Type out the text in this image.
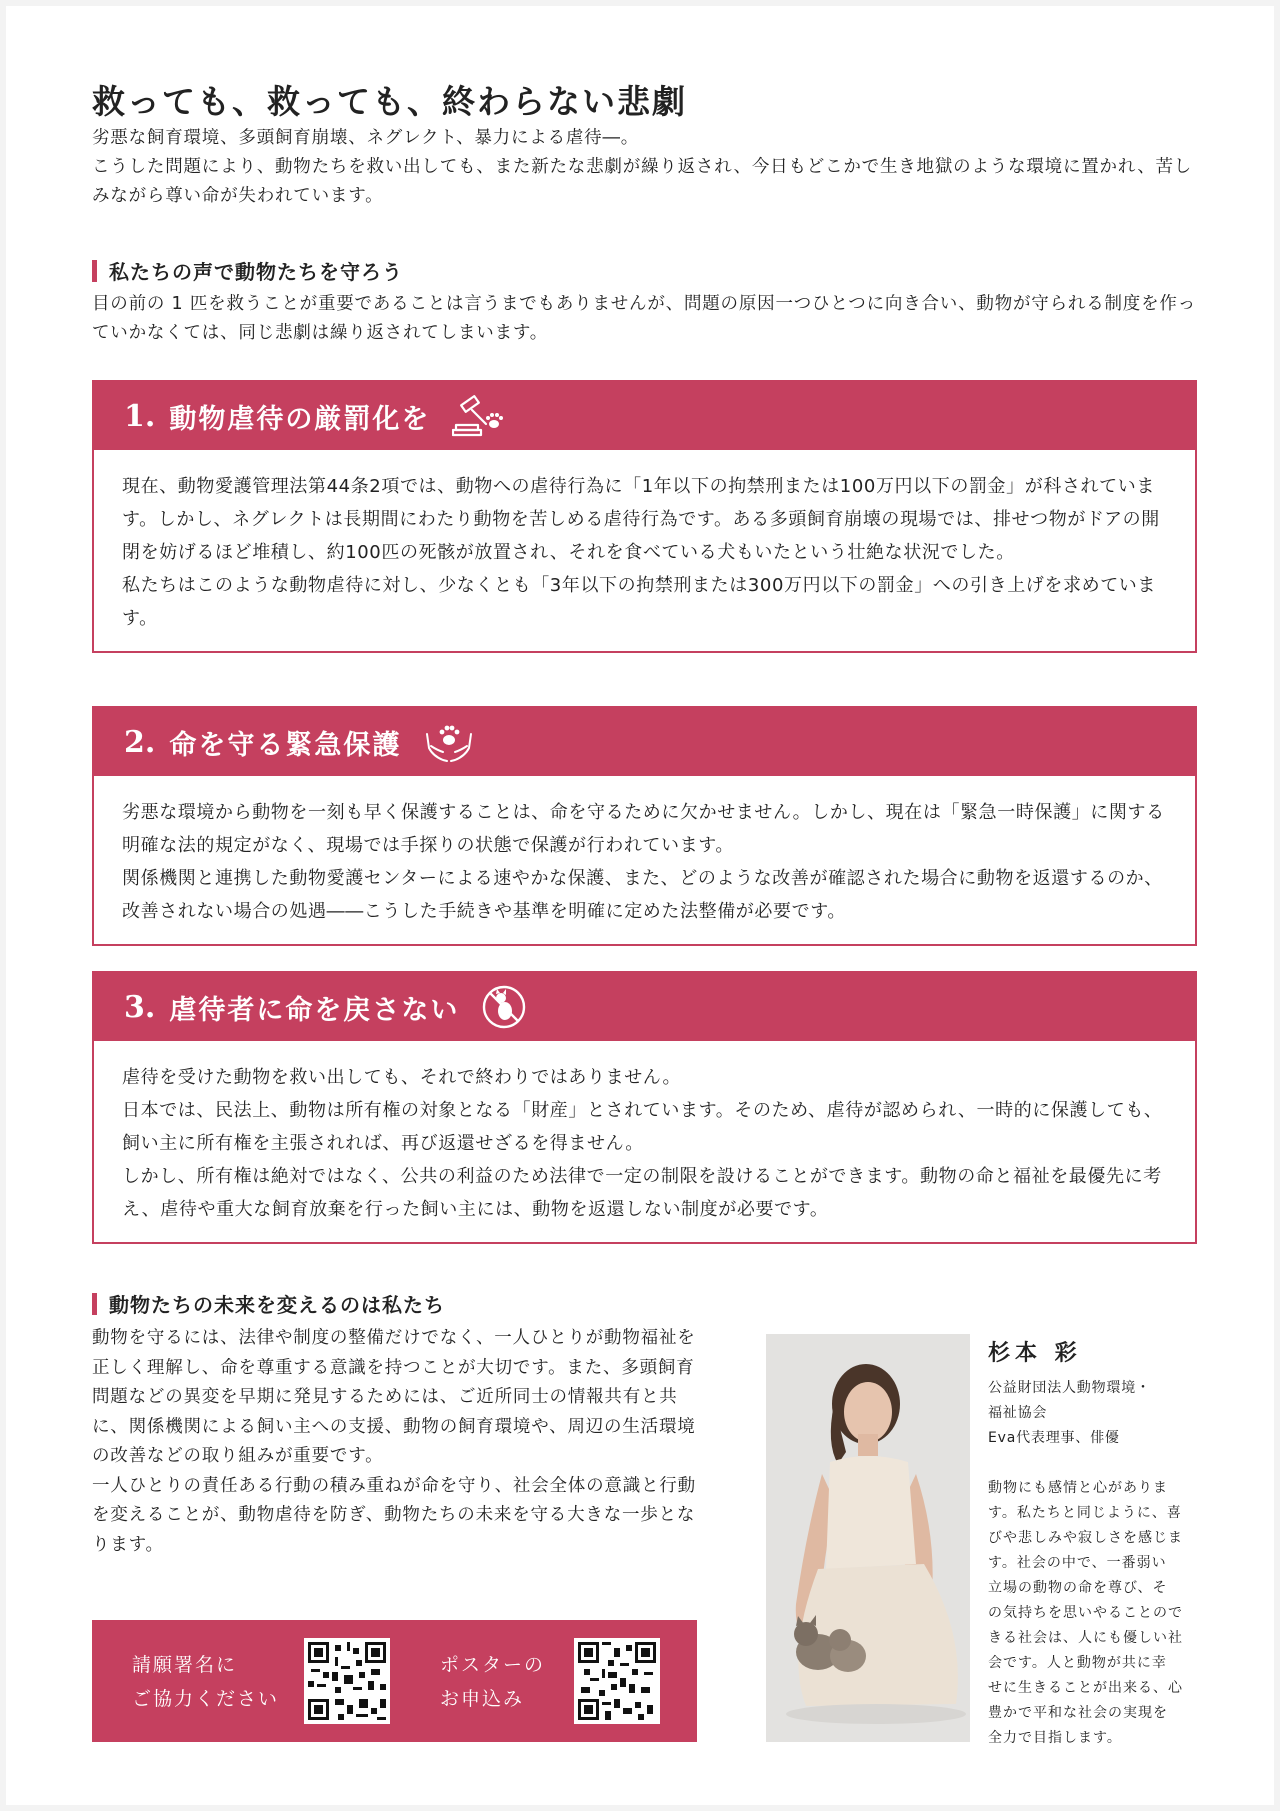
救っても、救っても、終わらない悲劇

劣悪な飼育環境、多頭飼育崩壊、ネグレクト、暴力による虐待―。

こうした問題により、動物たちを救い出しても、また新たな悲劇が繰り返され、今日もどこかで生き地獄のような環境に置かれ、苦しみながら尊い命が失われています。

私たちの声で動物たちを守ろう

目の前の 1 匹を救うことが重要であることは言うまでもありませんが、問題の原因一つひとつに向き合い、動物が守られる制度を作っていかなくては、同じ悲劇は繰り返されてしまいます。

1. 動物虐待の厳罰化を

現在、動物愛護管理法第44条2項では、動物への虐待行為に「1年以下の拘禁刑または100万円以下の罰金」が科されています。しかし、ネグレクトは長期間にわたり動物を苦しめる虐待行為です。ある多頭飼育崩壊の現場では、排せつ物がドアの開閉を妨げるほど堆積し、約100匹の死骸が放置され、それを食べている犬もいたという壮絶な状況でした。

私たちはこのような動物虐待に対し、少なくとも「3年以下の拘禁刑または300万円以下の罰金」への引き上げを求めています。

2. 命を守る緊急保護

劣悪な環境から動物を一刻も早く保護することは、命を守るために欠かせません。しかし、現在は「緊急一時保護」に関する明確な法的規定がなく、現場では手探りの状態で保護が行われています。

関係機関と連携した動物愛護センターによる速やかな保護、また、どのような改善が確認された場合に動物を返還するのか、改善されない場合の処遇――こうした手続きや基準を明確に定めた法整備が必要です。

3. 虐待者に命を戻さない

虐待を受けた動物を救い出しても、それで終わりではありません。

日本では、民法上、動物は所有権の対象となる「財産」とされています。そのため、虐待が認められ、一時的に保護しても、飼い主に所有権を主張されれば、再び返還せざるを得ません。

しかし、所有権は絶対ではなく、公共の利益のため法律で一定の制限を設けることができます。動物の命と福祉を最優先に考え、虐待や重大な飼育放棄を行った飼い主には、動物を返還しない制度が必要です。

動物たちの未来を変えるのは私たち

動物を守るには、法律や制度の整備だけでなく、一人ひとりが動物福祉を正しく理解し、命を尊重する意識を持つことが大切です。また、多頭飼育問題などの異変を早期に発見するためには、ご近所同士の情報共有と共に、関係機関による飼い主への支援、動物の飼育環境や、周辺の生活環境の改善などの取り組みが重要です。

一人ひとりの責任ある行動の積み重ねが命を守り、社会全体の意識と行動を変えることが、動物虐待を防ぎ、動物たちの未来を守る大きな一歩となります。

請願署名に
ご協力ください
ポスターの
お申込み
杉本 彩
公益財団法人動物環境・
福祉協会
Eva代表理事、俳優
動物にも感情と心がありま
す。私たちと同じように、喜
びや悲しみや寂しさを感じま
す。社会の中で、一番弱い
立場の動物の命を尊び、そ
の気持ちを思いやることので
きる社会は、人にも優しい社
会です。人と動物が共に幸
せに生きることが出来る、心
豊かで平和な社会の実現を
全力で目指します。
